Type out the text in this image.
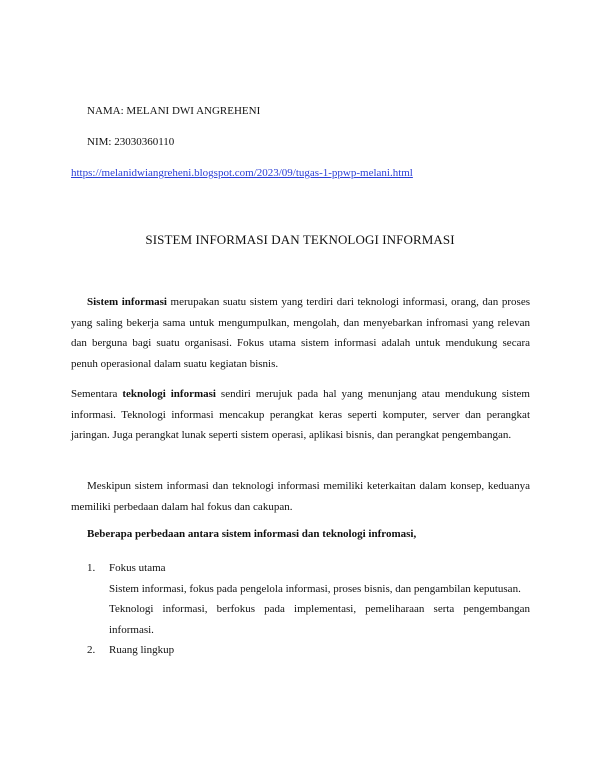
NAMA: MELANI DWI ANGREHENI
NIM: 23030360110
https://melanidwiangreheni.blogspot.com/2023/09/tugas-1-ppwp-melani.html
SISTEM INFORMASI DAN TEKNOLOGI INFORMASI

Sistem informasi merupakan suatu sistem yang terdiri dari teknologi informasi, orang, dan proses yang saling bekerja sama untuk mengumpulkan, mengolah, dan menyebarkan infromasi yang relevan dan berguna bagi suatu organisasi. Fokus utama sistem informasi adalah untuk mendukung secara penuh operasional dalam suatu kegiatan bisnis.

Sementara teknologi informasi sendiri merujuk pada hal yang menunjang atau mendukung sistem informasi. Teknologi informasi mencakup perangkat keras seperti komputer, server dan perangkat jaringan. Juga perangkat lunak seperti sistem operasi, aplikasi bisnis, dan perangkat pengembangan.

Meskipun sistem informasi dan teknologi informasi memiliki keterkaitan dalam konsep, keduanya memiliki perbedaan dalam hal fokus dan cakupan.

Beberapa perbedaan antara sistem informasi dan teknologi infromasi,

1. Fokus utama

Sistem informasi, fokus pada pengelola informasi, proses bisnis, dan pengambilan keputusan.

Teknologi informasi, berfokus pada implementasi, pemeliharaan serta pengembangan informasi.

2. Ruang lingkup
